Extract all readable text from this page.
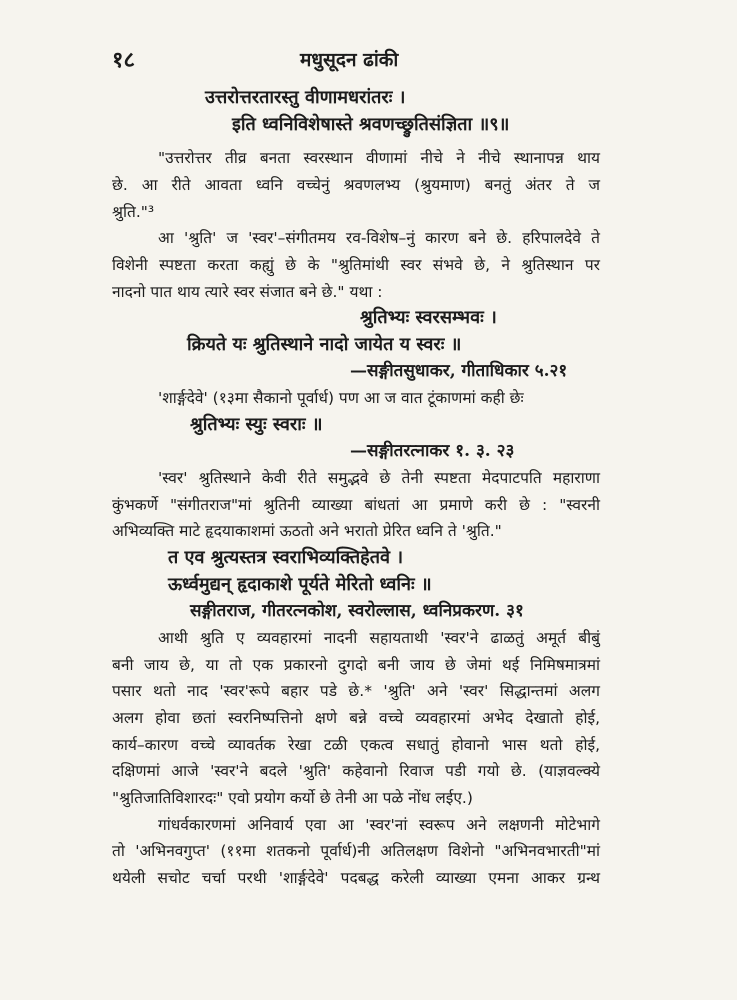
१८	मधुसूदन ढांकी
उत्तरोत्तरतारस्तु वीणामधरांतरः ।
इति ध्वनिविशेषास्ते श्रवणच्छ्रुतिसंज्ञिता ॥९॥
"उत्तरोत्तर तीव्र बनता स्वरस्थान वीणामां नीचे ने नीचे स्थानापन्न थाय
छे. आ रीते आवता ध्वनि वच्चेनुं श्रवणलभ्य (श्रुयमाण) बनतुं अंतर ते ज
श्रुति."³
आ 'श्रुति' ज 'स्वर'–संगीतमय रव-विशेष–नुं कारण बने छे. हरिपालदेवे ते
विशेनी स्पष्टता करता कह्युं छे के "श्रुतिमांथी स्वर संभवे छे, ने श्रुतिस्थान पर
नादनो पात थाय त्यारे स्वर संजात बने छे." यथा :
श्रुतिभ्यः स्वरसम्भवः ।
क्रियते यः श्रुतिस्थाने नादो जायेत य स्वरः ॥
—सङ्गीतसुधाकर, गीताधिकार ५.२१
'शार्ङ्गदेवे' (१३मा सैकानो पूर्वार्ध) पण आ ज वात टूंकाणमां कही छेः
श्रुतिभ्यः स्युः स्वराः ॥
—सङ्गीतरत्नाकर १. ३. २३
'स्वर' श्रुतिस्थाने केवी रीते समुद्भवे छे तेनी स्पष्टता मेदपाटपति महाराणा
कुंभकर्णे "संगीतराज"मां श्रुतिनी व्याख्या बांधतां आ प्रमाणे करी छे : "स्वरनी
अभिव्यक्ति माटे हृदयाकाशमां ऊठतो अने भरातो प्रेरित ध्वनि ते 'श्रुति."
त एव श्रुत्यस्तत्र स्वराभिव्यक्तिहेतवे ।
ऊर्ध्वमुद्यन् हृदाकाशे पूर्यते मेरितो ध्वनिः ॥
सङ्गीतराज, गीतरत्नकोश, स्वरोल्लास, ध्वनिप्रकरण. ३१
आथी श्रुति ए व्यवहारमां नादनी सहायताथी 'स्वर'ने ढाळतुं अमूर्त बीबुं
बनी जाय छे, या तो एक प्रकारनो दुगदो बनी जाय छे जेमां थई निमिषमात्रमां
पसार थतो नाद 'स्वर'रूपे बहार पडे छे.* 'श्रुति' अने 'स्वर' सिद्धान्तमां अलग
अलग होवा छतां स्वरनिष्पत्तिनो क्षणे बन्ने वच्चे व्यवहारमां अभेद देखातो होई,
कार्य–कारण वच्चे व्यावर्तक रेखा टळी एकत्व सधातुं होवानो भास थतो होई,
दक्षिणमां आजे 'स्वर'ने बदले 'श्रुति' कहेवानो रिवाज पडी गयो छे. (याज्ञवल्क्ये
"श्रुतिजातिविशारदः" एवो प्रयोग कर्यो छे तेनी आ पळे नोंध लईए.)
गांधर्वकारणमां अनिवार्य एवा आ 'स्वर'नां स्वरूप अने लक्षणनी मोटेभागे
तो 'अभिनवगुप्त' (११मा शतकनो पूर्वार्ध)नी अतिलक्षण विशेनो "अभिनवभारती"मां
थयेली सचोट चर्चा परथी 'शार्ङ्गदेवे' पदबद्ध करेली व्याख्या एमना आकर ग्रन्थ
